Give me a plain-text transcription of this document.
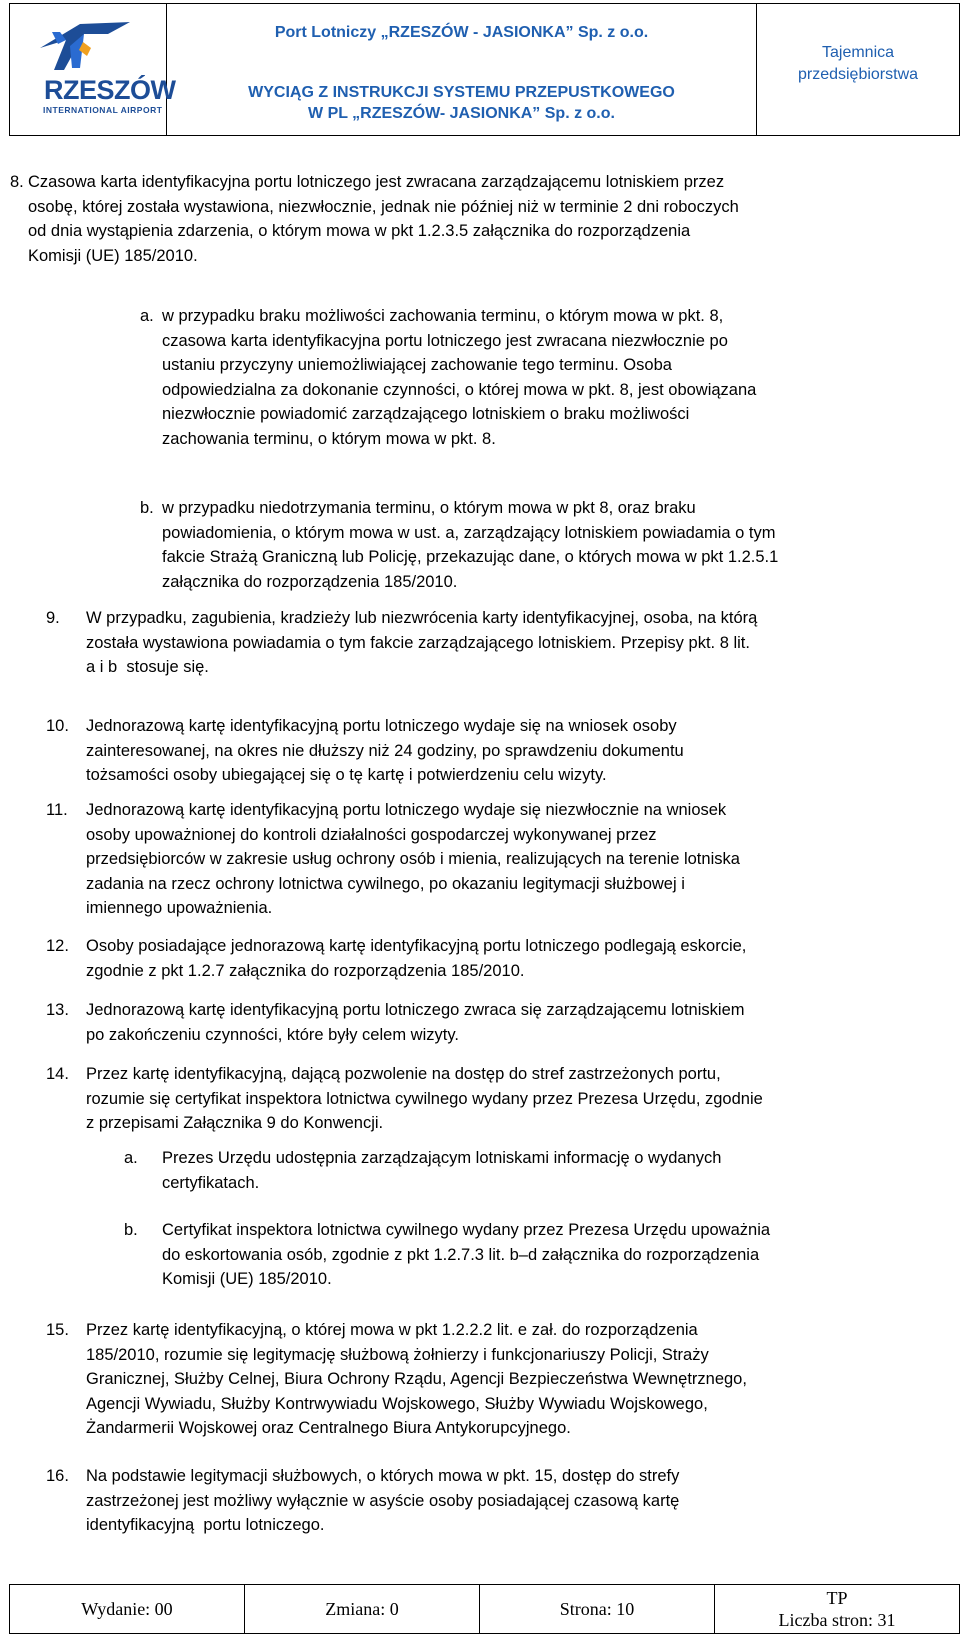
RZESZÓW
INTERNATIONAL AIRPORT
Port Lotniczy „RZESZÓW - JASIONKA” Sp. z o.o.
WYCIĄG Z INSTRUKCJI SYSTEMU PRZEPUSTKOWEGO
W PL „RZESZÓW- JASIONKA” Sp. z o.o.
Tajemnica
przedsiębiorstwa
8. Czasowa karta identyfikacyjna portu lotniczego jest zwracana zarządzającemu lotniskiem przez
osobę, której została wystawiona, niezwłocznie, jednak nie później niż w terminie 2 dni roboczych
od dnia wystąpienia zdarzenia, o którym mowa w pkt 1.2.3.5 załącznika do rozporządzenia
Komisji (UE) 185/2010.
a. w przypadku braku możliwości zachowania terminu, o którym mowa w pkt. 8,
czasowa karta identyfikacyjna portu lotniczego jest zwracana niezwłocznie po
ustaniu przyczyny uniemożliwiającej zachowanie tego terminu. Osoba
odpowiedzialna za dokonanie czynności, o której mowa w pkt. 8, jest obowiązana
niezwłocznie powiadomić zarządzającego lotniskiem o braku możliwości
zachowania terminu, o którym mowa w pkt. 8.
b. w przypadku niedotrzymania terminu, o którym mowa w pkt 8, oraz braku
powiadomienia, o którym mowa w ust. a, zarządzający lotniskiem powiadamia o tym
fakcie Strażą Graniczną lub Policję, przekazując dane, o których mowa w pkt 1.2.5.1
załącznika do rozporządzenia 185/2010.
9. W przypadku, zagubienia, kradzieży lub niezwrócenia karty identyfikacyjnej, osoba, na którą
została wystawiona powiadamia o tym fakcie zarządzającego lotniskiem. Przepisy pkt. 8 lit.
a i b  stosuje się.
10. Jednorazową kartę identyfikacyjną portu lotniczego wydaje się na wniosek osoby
zainteresowanej, na okres nie dłuższy niż 24 godziny, po sprawdzeniu dokumentu
tożsamości osoby ubiegającej się o tę kartę i potwierdzeniu celu wizyty.
11. Jednorazową kartę identyfikacyjną portu lotniczego wydaje się niezwłocznie na wniosek
osoby upoważnionej do kontroli działalności gospodarczej wykonywanej przez
przedsiębiorców w zakresie usług ochrony osób i mienia, realizujących na terenie lotniska
zadania na rzecz ochrony lotnictwa cywilnego, po okazaniu legitymacji służbowej i
imiennego upoważnienia.
12. Osoby posiadające jednorazową kartę identyfikacyjną portu lotniczego podlegają eskorcie,
zgodnie z pkt 1.2.7 załącznika do rozporządzenia 185/2010.
13. Jednorazową kartę identyfikacyjną portu lotniczego zwraca się zarządzającemu lotniskiem
po zakończeniu czynności, które były celem wizyty.
14. Przez kartę identyfikacyjną, dającą pozwolenie na dostęp do stref zastrzeżonych portu,
rozumie się certyfikat inspektora lotnictwa cywilnego wydany przez Prezesa Urzędu, zgodnie
z przepisami Załącznika 9 do Konwencji.
a. Prezes Urzędu udostępnia zarządzającym lotniskami informację o wydanych
certyfikatach.
b. Certyfikat inspektora lotnictwa cywilnego wydany przez Prezesa Urzędu upoważnia
do eskortowania osób, zgodnie z pkt 1.2.7.3 lit. b–d załącznika do rozporządzenia
Komisji (UE) 185/2010.
15. Przez kartę identyfikacyjną, o której mowa w pkt 1.2.2.2 lit. e zał. do rozporządzenia
185/2010, rozumie się legitymację służbową żołnierzy i funkcjonariuszy Policji, Straży
Granicznej, Służby Celnej, Biura Ochrony Rządu, Agencji Bezpieczeństwa Wewnętrznego,
Agencji Wywiadu, Służby Kontrwywiadu Wojskowego, Służby Wywiadu Wojskowego,
Żandarmerii Wojskowej oraz Centralnego Biura Antykorupcyjnego.
16. Na podstawie legitymacji służbowych, o których mowa w pkt. 15, dostęp do strefy
zastrzeżonej jest możliwy wyłącznie w asyście osoby posiadającej czasową kartę
identyfikacyjną  portu lotniczego.
Wydanie: 00	Zmiana: 0	Strona: 10
TP
Liczba stron: 31
